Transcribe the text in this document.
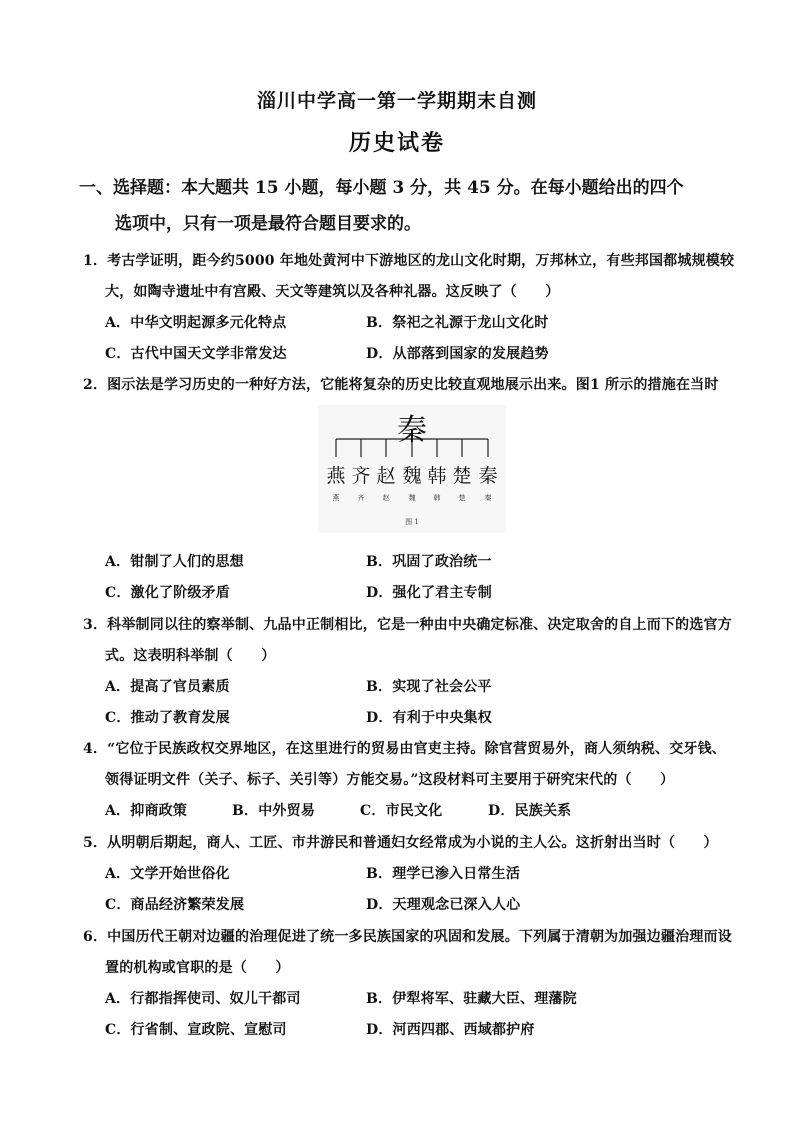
淄川中学高一第一学期期末自测
历史试卷
一、选择题：本大题共 15 小题，每小题 3 分，共 45 分。在每小题给出的四个
选项中，只有一项是最符合题目要求的。
1．考古学证明，距今约5000 年地处黄河中下游地区的龙山文化时期，万邦林立，有些邦国都城规模较
大，如陶寺遗址中有宫殿、天文等建筑以及各种礼器。这反映了（　　）
A．中华文明起源多元化特点	B．祭祀之礼源于龙山文化时
C．古代中国天文学非常发达	D．从部落到国家的发展趋势
2．图示法是学习历史的一种好方法，它能将复杂的历史比较直观地展示出来。图1 所示的措施在当时
秦
燕 齐 赵 魏 韩 楚 秦
燕	齐	赵	魏	韩	楚	秦
图 1
A．钳制了人们的思想	B．巩固了政治统一
C．激化了阶级矛盾	D．强化了君主专制
3．科举制同以往的察举制、九品中正制相比，它是一种由中央确定标准、决定取舍的自上而下的选官方
式。这表明科举制（　　）
A．提高了官员素质	B．实现了社会公平
C．推动了教育发展	D．有利于中央集权
4．“它位于民族政权交界地区，在这里进行的贸易由官吏主持。除官营贸易外，商人须纳税、交牙钱、
领得证明文件（关子、标子、关引等）方能交易。”这段材料可主要用于研究宋代的（　　）
A．抑商政策	B．中外贸易	C．市民文化	D．民族关系
5．从明朝后期起，商人、工匠、市井游民和普通妇女经常成为小说的主人公。这折射出当时（　　）
A．文学开始世俗化	B．理学已渗入日常生活
C．商品经济繁荣发展	D．天理观念已深入人心
6．中国历代王朝对边疆的治理促进了统一多民族国家的巩固和发展。下列属于清朝为加强边疆治理而设
置的机构或官职的是（　　）
A．行都指挥使司、奴儿干都司	B．伊犁将军、驻藏大臣、理藩院
C．行省制、宣政院、宣慰司	D．河西四郡、西域都护府
